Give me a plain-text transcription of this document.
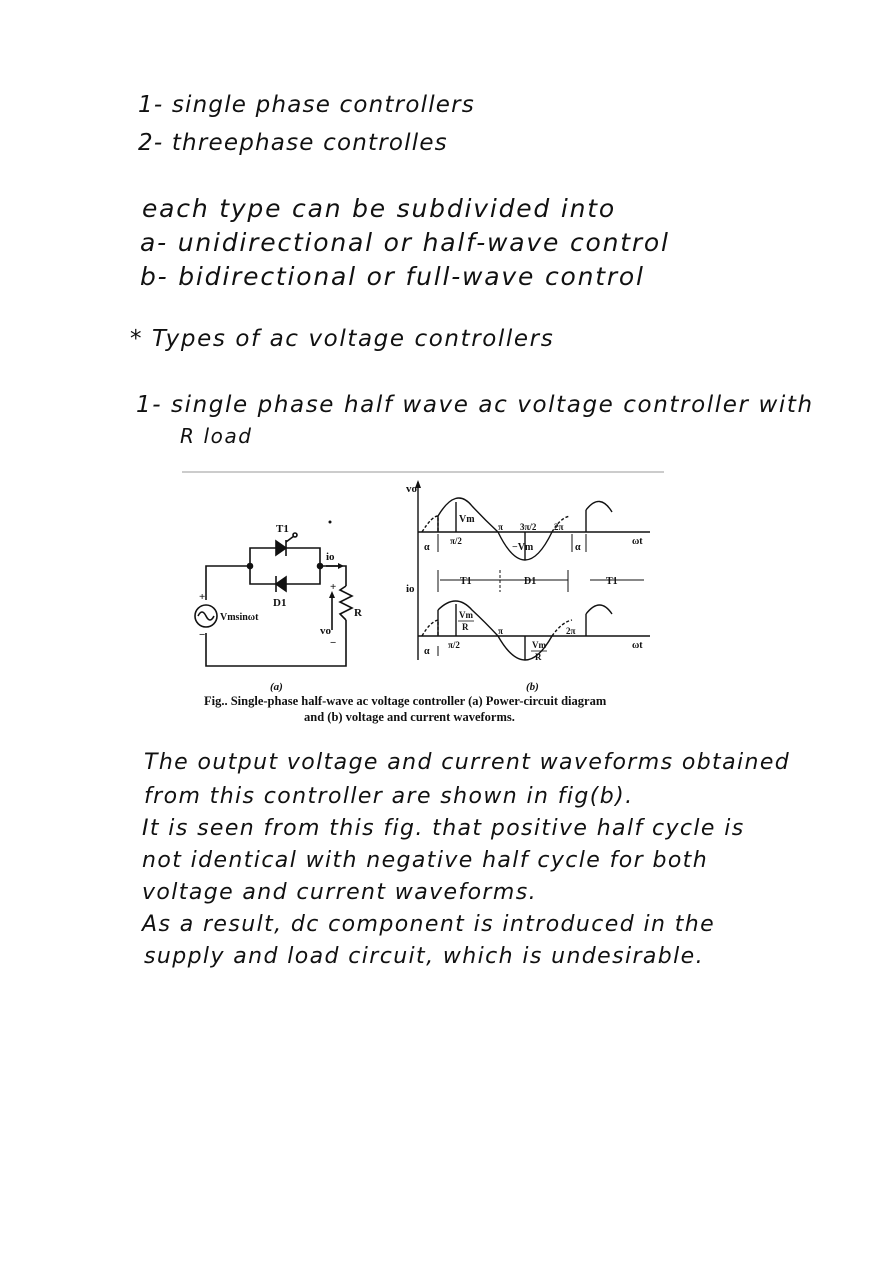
1- single phase controllers
2- threephase controlles
each type can be subdivided into
a- unidirectional or half-wave control
b- bidirectional or full-wave control
* Types of ac voltage controllers
1- single phase half wave ac voltage controller with
R load
T1
D1
io
+
+
−
−
Vmsinωt	R
vo
(a)
vo
io
ωt
ωt
Vm
−Vm
π/2
π 3π/2 2π
α	α
α
T1	D1	T1
Vm
R
π/2
π	2π
Vm
R
(b)
Fig.. Single-phase half-wave ac voltage controller (a) Power-circuit diagram
and (b) voltage and current waveforms.
The output voltage and current waveforms obtained
from this controller are shown in fig(b).
It is seen from this fig. that positive half cycle is
not identical with negative half cycle for both
voltage and current waveforms.
As a result, dc component is introduced in the
supply and load circuit, which is undesirable.
